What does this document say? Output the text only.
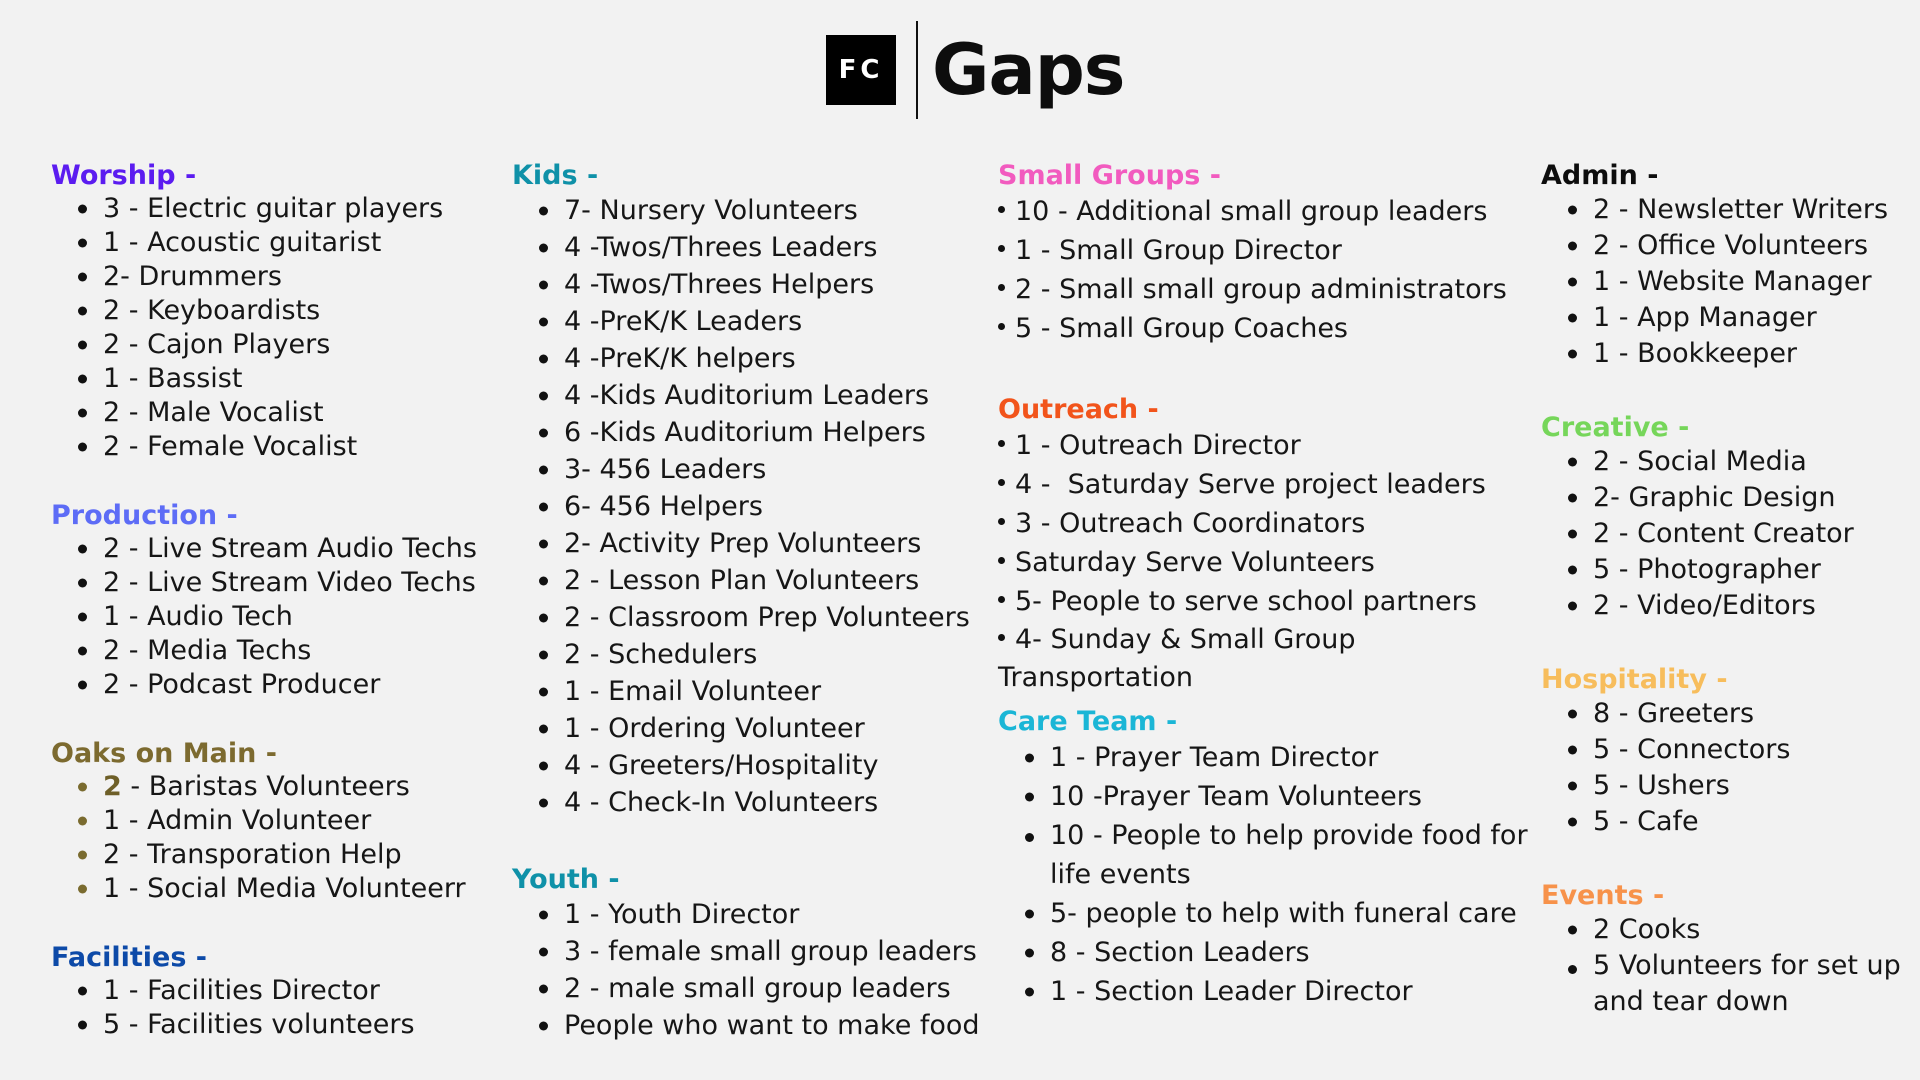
FC Gaps
Worship -
3 - Electric guitar players
1 - Acoustic guitarist
2- Drummers
2 - Keyboardists
2 - Cajon Players
1 - Bassist
2 - Male Vocalist
2 - Female Vocalist
Production -
2 - Live Stream Audio Techs
2 - Live Stream Video Techs
1 - Audio Tech
2 - Media Techs
2 - Podcast Producer
Oaks on Main -
2 - Baristas Volunteers
1 - Admin Volunteer
2 - Transporation Help
1 - Social Media Volunteerr
Facilities -
1 - Facilities Director
5 - Facilities volunteers
Kids -
7- Nursery Volunteers
4 -Twos/Threes Leaders
4 -Twos/Threes Helpers
4 -PreK/K Leaders
4 -PreK/K helpers
4 -Kids Auditorium Leaders
6 -Kids Auditorium Helpers
3- 456 Leaders
6- 456 Helpers
2- Activity Prep Volunteers
2 - Lesson Plan Volunteers
2 - Classroom Prep Volunteers
2 - Schedulers
1 - Email Volunteer
1 - Ordering Volunteer
4 - Greeters/Hospitality
4 - Check-In Volunteers
Youth -
1 - Youth Director
3 - female small group leaders
2 - male small group leaders
People who want to make food
Small Groups -
10 - Additional small group leaders
1 - Small Group Director
2 - Small small group administrators
5 - Small Group Coaches
Outreach -
1 - Outreach Director
4 -  Saturday Serve project leaders
3 - Outreach Coordinators
Saturday Serve Volunteers
5- People to serve school partners
4- Sunday & Small Group Transportation
Care Team -
1 - Prayer Team Director
10 -Prayer Team Volunteers
10 - People to help provide food for life events
5- people to help with funeral care
8 - Section Leaders
1 - Section Leader Director
Admin -
2 - Newsletter Writers
2 - Office Volunteers
1 - Website Manager
1 - App Manager
1 - Bookkeeper
Creative -
2 - Social Media
2- Graphic Design
2 - Content Creator
5 - Photographer
2 - Video/Editors
Hospitality -
8 - Greeters
5 - Connectors
5 - Ushers
5 - Cafe
Events -
2 Cooks
5 Volunteers for set up and tear down
